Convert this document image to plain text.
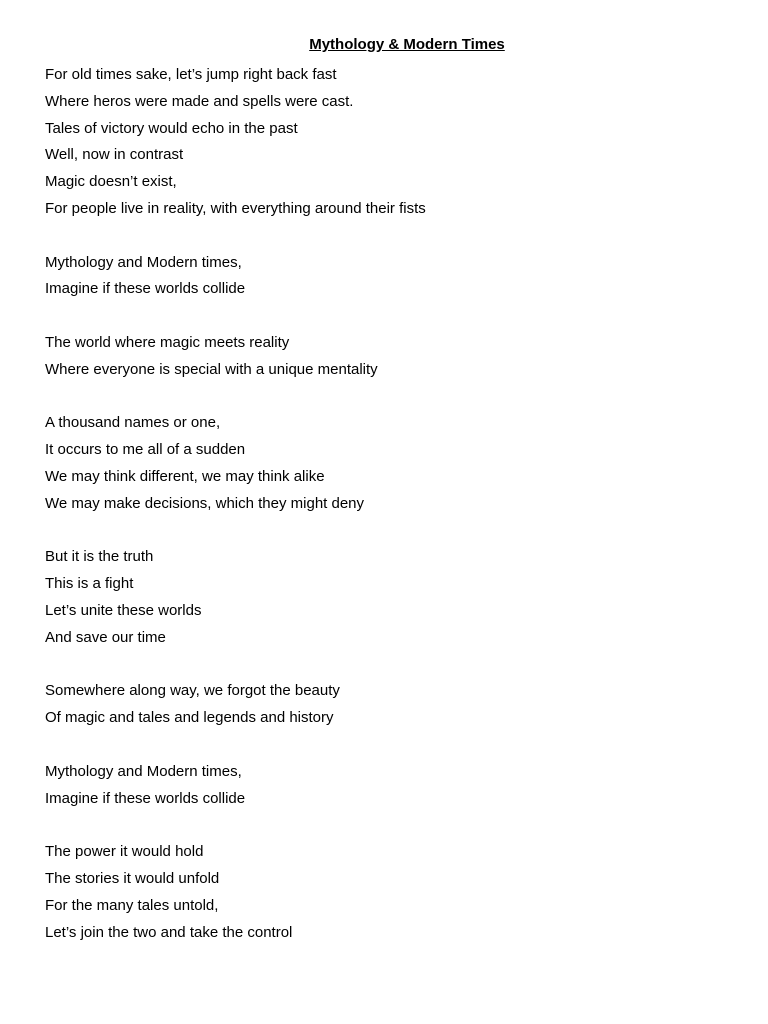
Mythology & Modern Times
For old times sake, let’s jump right back fast
Where heros were made and spells were cast.
Tales of victory would echo in the past
Well, now in contrast
Magic doesn’t exist,
For people live in reality, with everything around their fists
Mythology and Modern times,
Imagine if these worlds collide
The world where magic meets reality
Where everyone is special with a unique mentality
A thousand names or one,
It occurs to me all of a sudden
We may think different, we may think alike
We may make decisions, which they might deny
But it is the truth
This is a fight
Let’s unite these worlds
And save our time
Somewhere along way, we forgot the beauty
Of magic and tales and legends and history
Mythology and Modern times,
Imagine if these worlds collide
The power it would hold
The stories it would unfold
For the many tales untold,
Let’s join the two and take the control
